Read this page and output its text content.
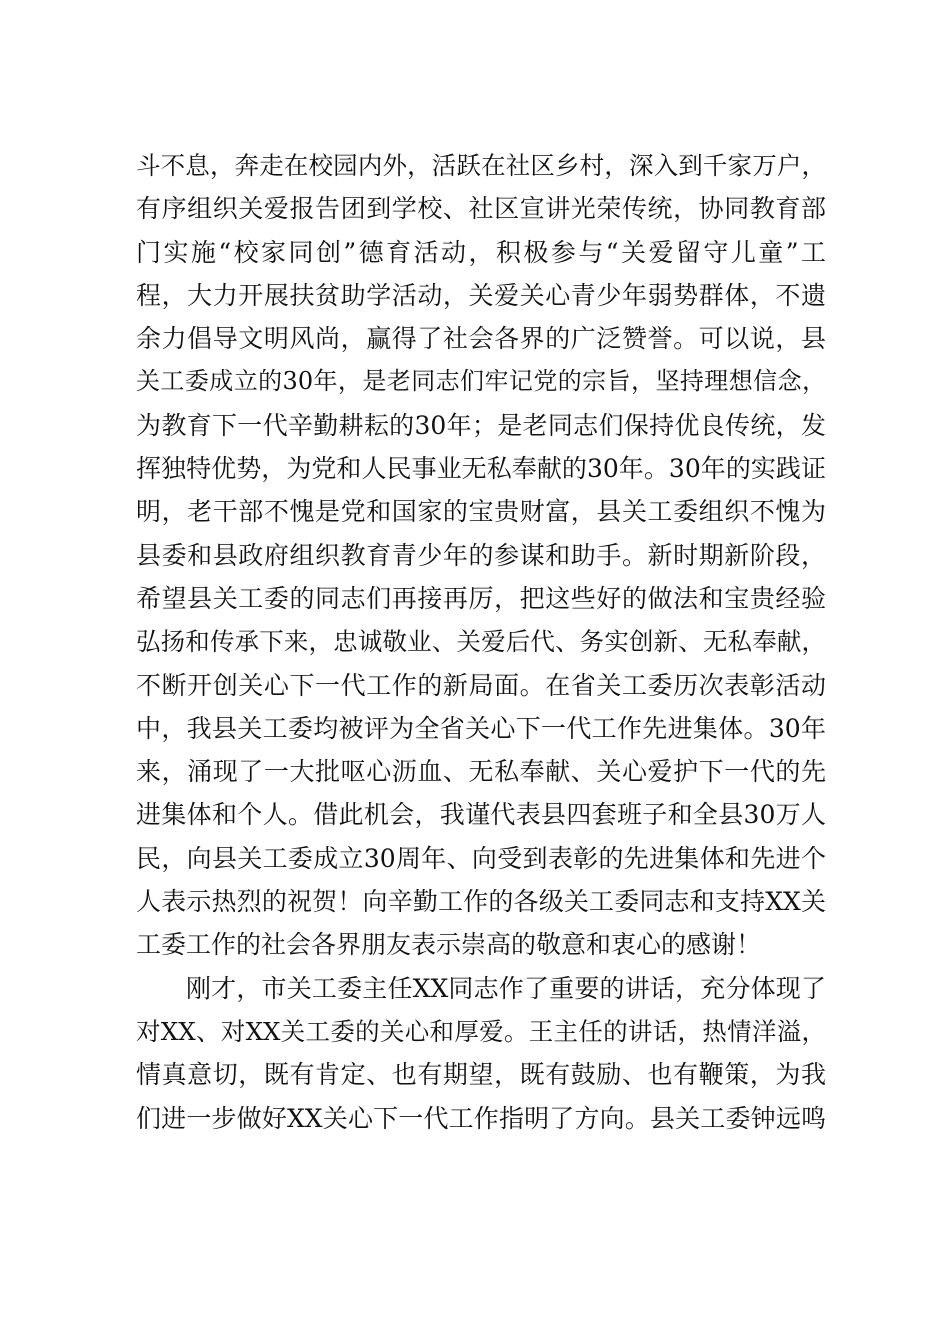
斗不息，奔走在校园内外，活跃在社区乡村，深入到千家万户，
有序组织关爱报告团到学校、社区宣讲光荣传统，协同教育部
门实施“校家同创”德育活动，积极参与“关爱留守儿童”工
程，大力开展扶贫助学活动，关爱关心青少年弱势群体，不遗
余力倡导文明风尚，赢得了社会各界的广泛赞誉。可以说，县
关工委成立的30年，是老同志们牢记党的宗旨，坚持理想信念，
为教育下一代辛勤耕耘的30年；是老同志们保持优良传统，发
挥独特优势，为党和人民事业无私奉献的30年。30年的实践证
明，老干部不愧是党和国家的宝贵财富，县关工委组织不愧为
县委和县政府组织教育青少年的参谋和助手。新时期新阶段，
希望县关工委的同志们再接再厉，把这些好的做法和宝贵经验
弘扬和传承下来，忠诚敬业、关爱后代、务实创新、无私奉献，
不断开创关心下一代工作的新局面。在省关工委历次表彰活动
中，我县关工委均被评为全省关心下一代工作先进集体。30年
来，涌现了一大批呕心沥血、无私奉献、关心爱护下一代的先
进集体和个人。借此机会，我谨代表县四套班子和全县30万人
民，向县关工委成立30周年、向受到表彰的先进集体和先进个
人表示热烈的祝贺！向辛勤工作的各级关工委同志和支持XX关
工委工作的社会各界朋友表示崇高的敬意和衷心的感谢！
刚才，市关工委主任XX同志作了重要的讲话，充分体现了
对XX、对XX关工委的关心和厚爱。王主任的讲话，热情洋溢，
情真意切，既有肯定、也有期望，既有鼓励、也有鞭策，为我
们进一步做好XX关心下一代工作指明了方向。县关工委钟远鸣
